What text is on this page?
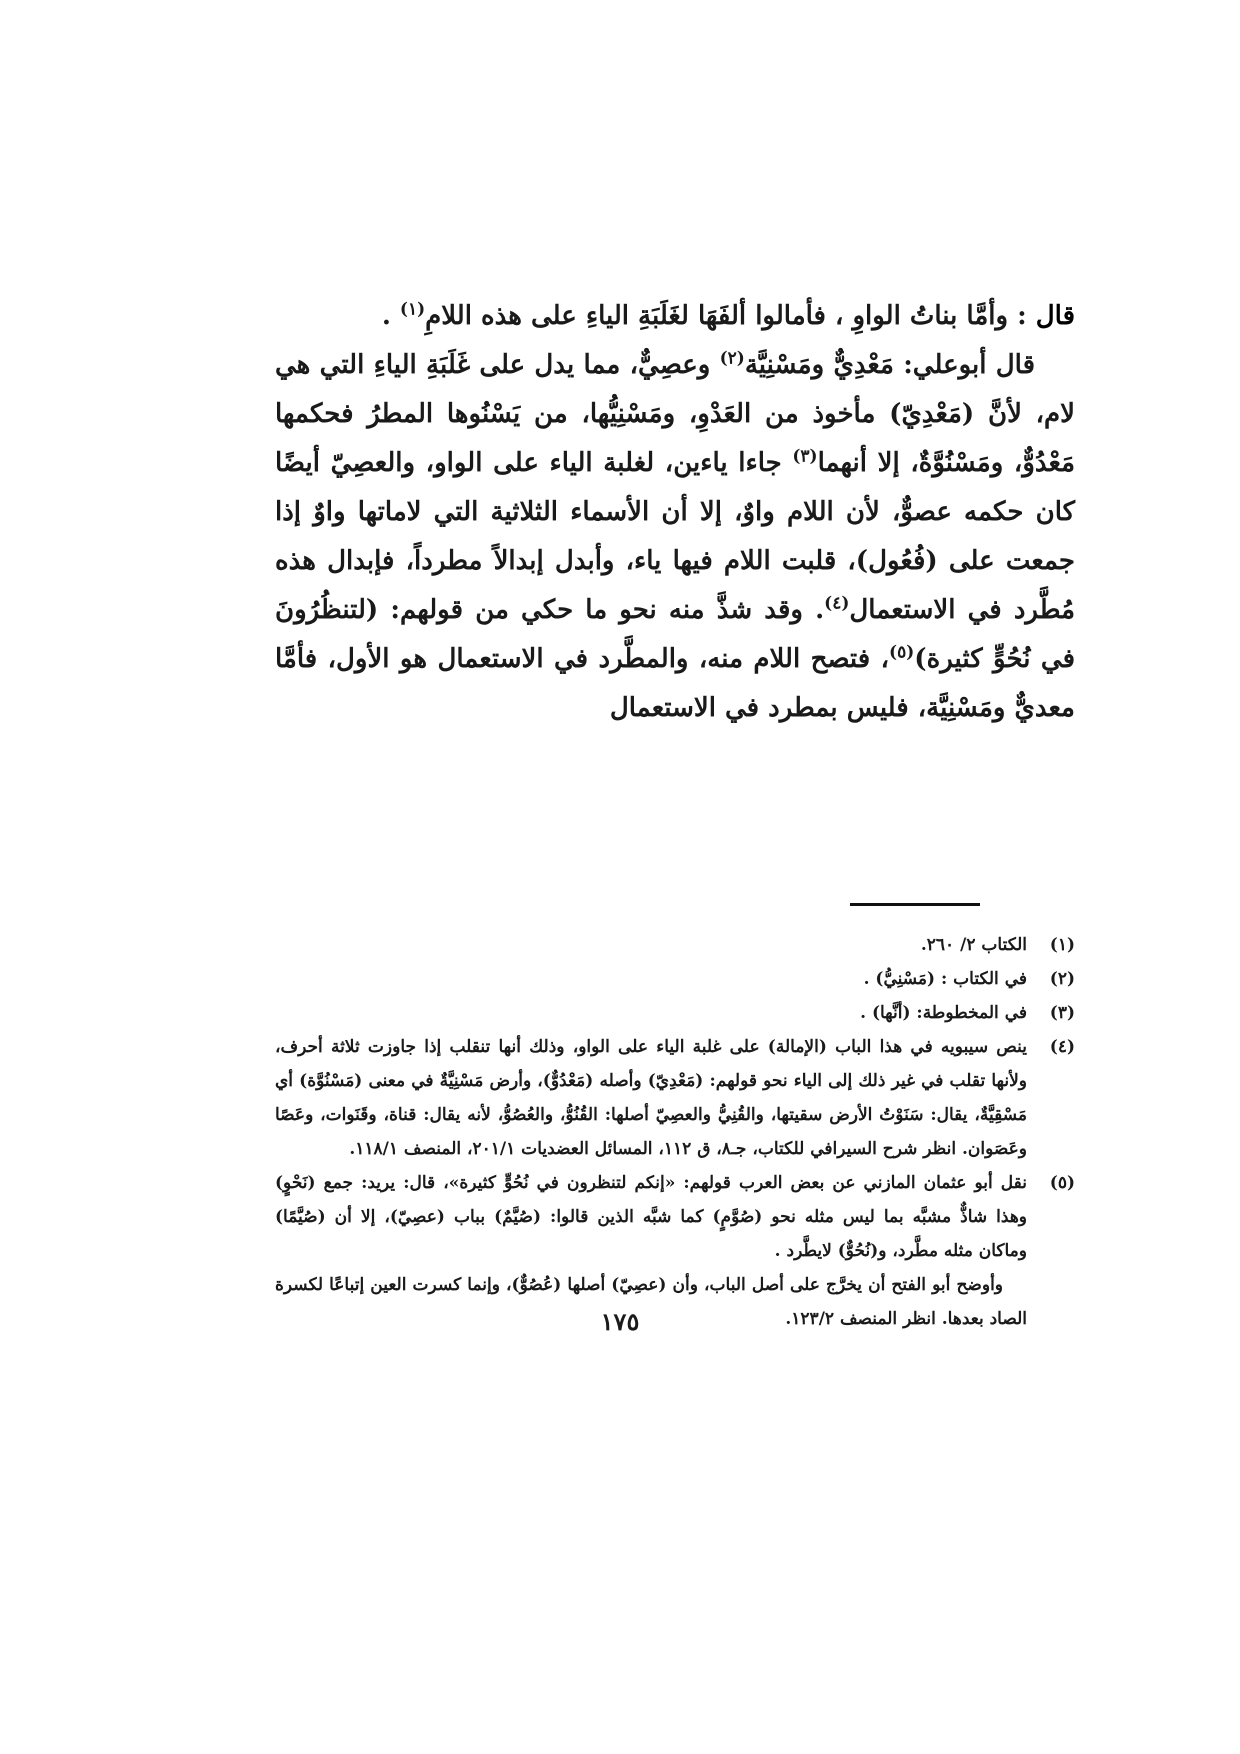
قال : وأمَّا بناتُ الواوِ ، فأمالوا ألفَهَا لغَلَبَةِ الياءِ على هذه اللامِ$^{(١)}$ .

قال أبوعلي: مَعْدِيٌّ ومَسْنِيَّة$^{(٢)}$ وعصِيٌّ، مما يدل على غَلَبَةِ الياءِ التي هي لام، لأنَّ (مَعْدِيّ) مأخوذ من العَدْوِ، ومَسْنِيُّها، من يَسْنُوها المطرُ فحكمها مَعْدُوٌّ، ومَسْنُوَّةٌ، إلا أنهما$^{(٣)}$ جاءا ياءين، لغلبة الياء على الواو، والعصِيّ أيضًا كان حكمه عصوٌّ، لأن اللام واوٌ، إلا أن الأسماء الثلاثية التي لاماتها واوٌ إذا جمعت على (فُعُول)، قلبت اللام فيها ياء، وأبدل إبدالاً مطرداً، فإبدال هذه مُطَّرد في الاستعمال$^{(٤)}$. وقد شذَّ منه نحو ما حكي من قولهم: (لتنظُرُونَ في نُحُوٍّ كثيرة)$^{(٥)}$، فتصح اللام منه، والمطَّرد في الاستعمال هو الأول، فأمَّا معديٌّ ومَسْنِيَّة، فليس بمطرد في الاستعمال

(١)
الكتاب ٢/ ٢٦٠.
(٢)
في الكتاب : (مَسْنِيُّ) .
(٣)
في المخطوطة: (أنَّها) .
(٤)
ينص سيبويه في هذا الباب (الإمالة) على غلبة الياء على الواو، وذلك أنها تنقلب إذا جاوزت ثلاثة أحرف، ولأنها تقلب في غير ذلك إلى الياء نحو قولهم: (مَعْدِيّ) وأصله (مَعْدُوٌّ)، وأرض مَسْنِيَّةٌ في معنى (مَسْنُوَّة) أي مَسْقِيَّةٌ، يقال: سَنَوْتُ الأرض سقيتها، والقُنِيُّ والعصِيّ أصلها: القُنُوُّ، والعُصُوُّ، لأنه يقال: قناة، وقَنَوات، وعَصًا وعَصَوان. انظر شرح السيرافي للكتاب، جـ٨، ق ١١٢، المسائل العضديات ٢٠١/١، المنصف ١١٨/١.
(٥)
نقل أبو عثمان المازني عن بعض العرب قولهم: «إنكم لتنظرون في نُحُوٍّ كثيرة»، قال: يريد: جمع (نَحْوٍ) وهذا شاذٌّ مشبَّه بما ليس مثله نحو (صُوَّمٍ) كما شبَّه الذين قالوا: (صُيَّمٌ) بباب (عصِيّ)، إلا أن (صُيَّمًا) وماكان مثله مطَّرد، و(نُحُوٌّ) لايطَّرد .
وأوضح أبو الفتح أن يخرَّج على أصل الباب، وأن (عصِيّ) أصلها (عُصُوٌّ)، وإنما كسرت العين إتباعًا لكسرة الصاد بعدها. انظر المنصف ١٢٣/٢.
١٧٥
